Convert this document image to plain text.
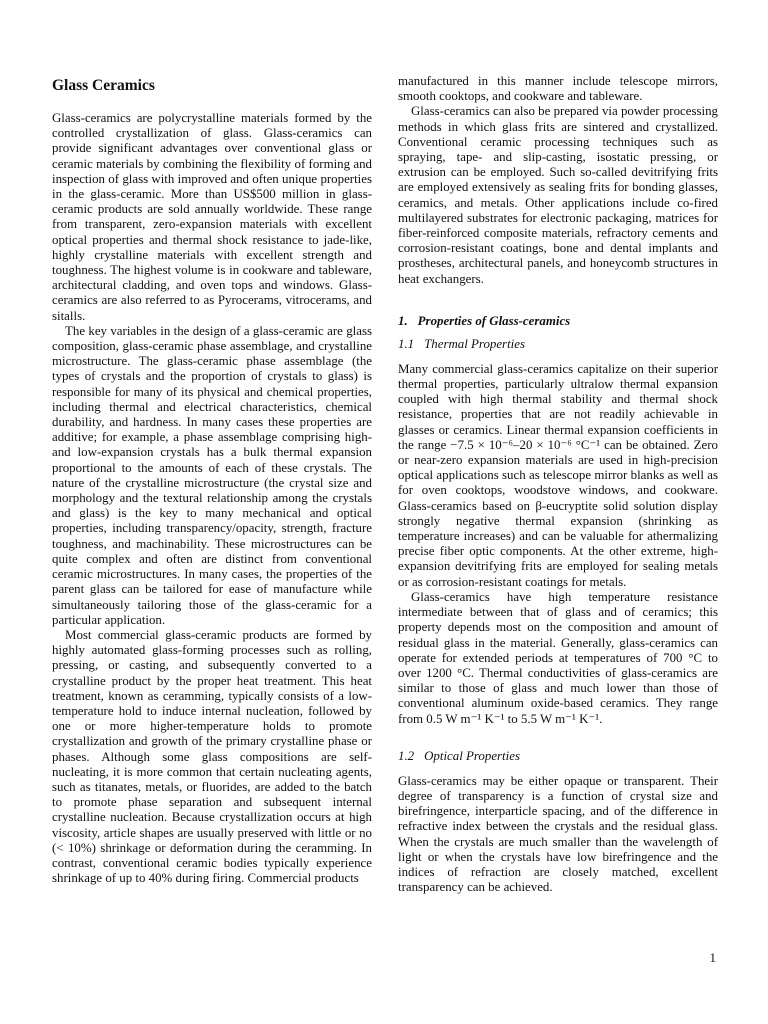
Glass Ceramics

Glass-ceramics are polycrystalline materials formed by the controlled crystallization of glass. Glass-ceramics can provide significant advantages over conventional glass or ceramic materials by combining the flexibility of forming and inspection of glass with improved and often unique properties in the glass-ceramic. More than US$500 million in glass-ceramic products are sold annually worldwide. These range from transparent, zero-expansion materials with excellent optical properties and thermal shock resistance to jade-like, highly crystalline materials with excellent strength and toughness. The highest volume is in cookware and tableware, architectural cladding, and oven tops and windows. Glass-ceramics are also referred to as Pyrocerams, vitrocerams, and sitalls.

The key variables in the design of a glass-ceramic are glass composition, glass-ceramic phase assemblage, and crystalline microstructure. The glass-ceramic phase assemblage (the types of crystals and the proportion of crystals to glass) is responsible for many of its physical and chemical properties, including thermal and electrical characteristics, chemical durability, and hardness. In many cases these properties are additive; for example, a phase assemblage comprising high- and low-expansion crystals has a bulk thermal expansion proportional to the amounts of each of these crystals. The nature of the crystalline microstructure (the crystal size and morphology and the textural relationship among the crystals and glass) is the key to many mechanical and optical properties, including transparency/opacity, strength, fracture toughness, and machinability. These microstructures can be quite complex and often are distinct from conventional ceramic microstructures. In many cases, the properties of the parent glass can be tailored for ease of manufacture while simultaneously tailoring those of the glass-ceramic for a particular application.

Most commercial glass-ceramic products are formed by highly automated glass-forming processes such as rolling, pressing, or casting, and subsequently converted to a crystalline product by the proper heat treatment. This heat treatment, known as ceramming, typically consists of a low-temperature hold to induce internal nucleation, followed by one or more higher-temperature holds to promote crystallization and growth of the primary crystalline phase or phases. Although some glass compositions are self-nucleating, it is more common that certain nucleating agents, such as titanates, metals, or fluorides, are added to the batch to promote phase separation and subsequent internal crystalline nucleation. Because crystallization occurs at high viscosity, article shapes are usually preserved with little or no (< 10%) shrinkage or deformation during the ceramming. In contrast, conventional ceramic bodies typically experience shrinkage of up to 40% during firing. Commercial products

manufactured in this manner include telescope mirrors, smooth cooktops, and cookware and tableware.

Glass-ceramics can also be prepared via powder processing methods in which glass frits are sintered and crystallized. Conventional ceramic processing techniques such as spraying, tape- and slip-casting, isostatic pressing, or extrusion can be employed. Such so-called devitrifying frits are employed extensively as sealing frits for bonding glasses, ceramics, and metals. Other applications include co-fired multilayered substrates for electronic packaging, matrices for fiber-reinforced composite materials, refractory cements and corrosion-resistant coatings, bone and dental implants and prostheses, architectural panels, and honeycomb structures in heat exchangers.

1. Properties of Glass-ceramics
1.1 Thermal Properties

Many commercial glass-ceramics capitalize on their superior thermal properties, particularly ultralow thermal expansion coupled with high thermal stability and thermal shock resistance, properties that are not readily achievable in glasses or ceramics. Linear thermal expansion coefficients in the range −7.5 × 10⁻⁶–20 × 10⁻⁶ °C⁻¹ can be obtained. Zero or near-zero expansion materials are used in high-precision optical applications such as telescope mirror blanks as well as for oven cooktops, woodstove windows, and cookware. Glass-ceramics based on β-eucryptite solid solution display strongly negative thermal expansion (shrinking as temperature increases) and can be valuable for athermalizing precise fiber optic components. At the other extreme, high-expansion devitrifying frits are employed for sealing metals or as corrosion-resistant coatings for metals.

Glass-ceramics have high temperature resistance intermediate between that of glass and of ceramics; this property depends most on the composition and amount of residual glass in the material. Generally, glass-ceramics can operate for extended periods at temperatures of 700 °C to over 1200 °C. Thermal conductivities of glass-ceramics are similar to those of glass and much lower than those of conventional aluminum oxide-based ceramics. They range from 0.5 W m⁻¹ K⁻¹ to 5.5 W m⁻¹ K⁻¹.

1.2 Optical Properties

Glass-ceramics may be either opaque or transparent. Their degree of transparency is a function of crystal size and birefringence, interparticle spacing, and of the difference in refractive index between the crystals and the residual glass. When the crystals are much smaller than the wavelength of light or when the crystals have low birefringence and the indices of refraction are closely matched, excellent transparency can be achieved.

1
